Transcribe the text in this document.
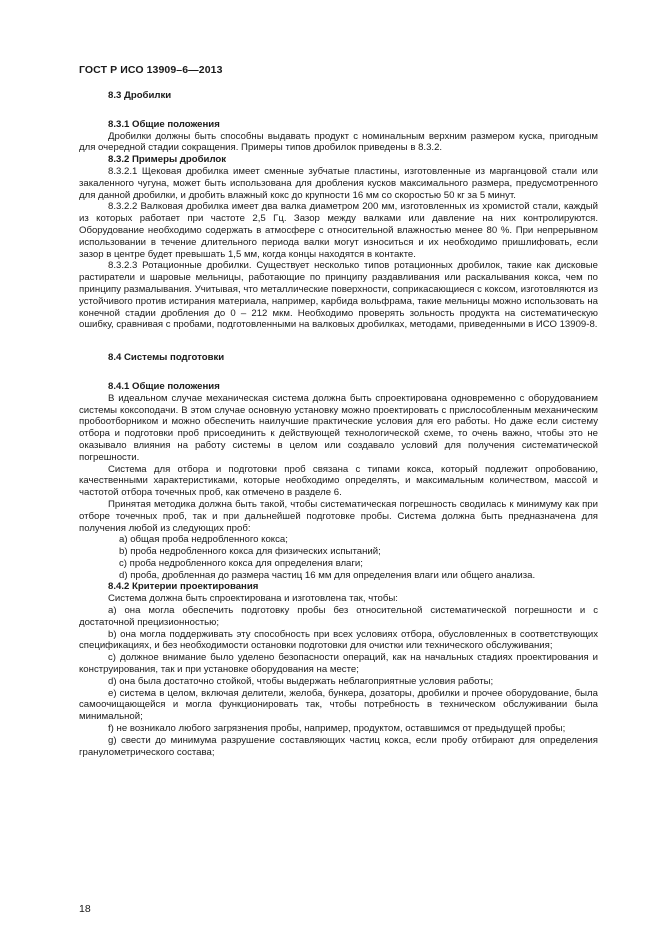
ГОСТ Р ИСО 13909–6—2013

8.3 Дробилки

8.3.1 Общие положения

Дробилки должны быть способны выдавать продукт с номинальным верхним размером куска, пригодным для очередной стадии сокращения. Примеры типов дробилок приведены в 8.3.2.

8.3.2 Примеры дробилок

8.3.2.1 Щековая дробилка имеет сменные зубчатые пластины, изготовленные из марганцовой стали или закаленного чугуна, может быть использована для дробления кусков максимального размера, предусмотренного для данной дробилки, и дробить влажный кокс до крупности 16 мм со скоростью 50 кг за 5 минут.

8.3.2.2 Валковая дробилка имеет два валка диаметром 200 мм, изготовленных из хромистой стали, каждый из которых работает при частоте 2,5 Гц. Зазор между валками или давление на них контролируются. Оборудование необходимо содержать в атмосфере с относительной влажностью менее 80 %. При непрерывном использовании в течение длительного периода валки могут износиться и их необходимо пришлифовать, если зазор в центре будет превышать 1,5 мм, когда концы находятся в контакте.

8.3.2.3 Ротационные дробилки. Существует несколько типов ротационных дробилок, такие как дисковые растиратели и шаровые мельницы, работающие по принципу раздавливания или раскалывания кокса, чем по принципу размалывания. Учитывая, что металлические поверхности, соприкасающиеся с коксом, изготовляются из устойчивого против истирания материала, например, карбида вольфрама, такие мельницы можно использовать на конечной стадии дробления до 0 – 212 мкм. Необходимо проверять зольность продукта на систематическую ошибку, сравнивая с пробами, подготовленными на валковых дробилках, методами, приведенными в ИСО 13909-8.

8.4 Системы подготовки

8.4.1 Общие положения

В идеальном случае механическая система должна быть спроектирована одновременно с оборудованием системы коксоподачи. В этом случае основную установку можно проектировать с прислособленным механическим пробоотборником и можно обеспечить наилучшие практические условия для его работы. Но даже если систему отбора и подготовки проб присоединить к действующей технологической схеме, то очень важно, чтобы это не оказывало влияния на работу системы в целом или создавало условий для получения систематической погрешности.

Система для отбора и подготовки проб связана с типами кокса, который подлежит опробованию, качественными характеристиками, которые необходимо определять, и максимальным количеством, массой и частотой отбора точечных проб, как отмечено в разделе 6.

Принятая методика должна быть такой, чтобы систематическая погрешность сводилась к минимуму как при отборе точечных проб, так и при дальнейшей подготовке пробы. Система должна быть предназначена для получения любой из следующих проб:

a) общая проба недробленного кокса;

b) проба недробленного кокса для физических испытаний;

c) проба недробленного кокса для определения влаги;

d) проба, дробленная до размера частиц 16 мм для определения влаги или общего анализа.

8.4.2 Критерии проектирования

Система должна быть спроектирована и изготовлена так, чтобы:

a) она могла обеспечить подготовку пробы без относительной систематической погрешности и с достаточной прецизионностью;

b) она могла поддерживать эту способность при всех условиях отбора, обусловленных в соответствующих спецификациях, и без необходимости остановки подготовки для очистки или технического обслуживания;

c) должное внимание было уделено безопасности операций, как на начальных стадиях проектирования и конструирования, так и при установке оборудования на месте;

d) она была достаточно стойкой, чтобы выдержать неблагоприятные условия работы;

e) система в целом, включая делители, желоба, бункера, дозаторы, дробилки и прочее оборудование, была самоочищающейся и могла функционировать так, чтобы потребность в техническом обслуживании была минимальной;

f) не возникало любого загрязнения пробы, например, продуктом, оставшимся от предыдущей пробы;

g) свести до минимума разрушение составляющих частиц кокса, если пробу отбирают для определения гранулометрического состава;

18
